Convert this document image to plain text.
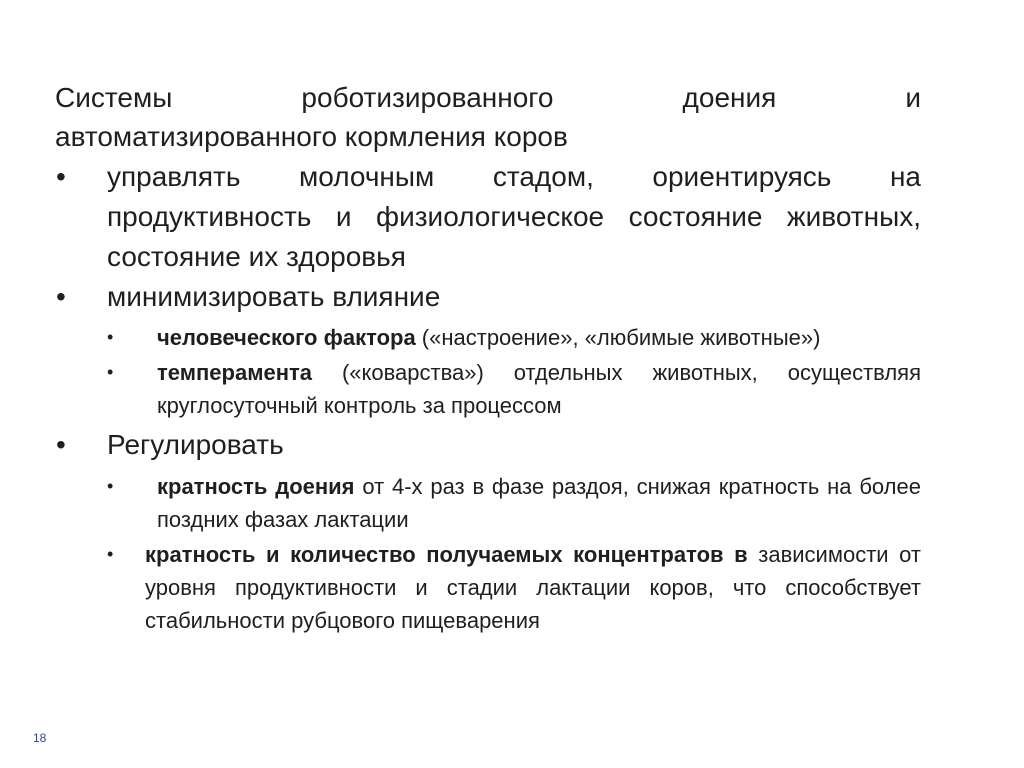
Системы	роботизированного	доения	и
автоматизированного кормления коров
• управлять молочным стадом, ориентируясь на продуктивность и физиологическое состояние животных, состояние их здоровья
• минимизировать влияние
• человеческого фактора («настроение», «любимые животные»)
• темперамента («коварства») отдельных животных, осуществляя круглосуточный контроль за процессом
• Регулировать
• кратность доения от 4-х раз в фазе раздоя, снижая кратность на более поздних фазах лактации
• кратность и количество получаемых концентратов в зависимости от уровня продуктивности и стадии лактации коров, что способствует стабильности рубцового пищеварения
18
